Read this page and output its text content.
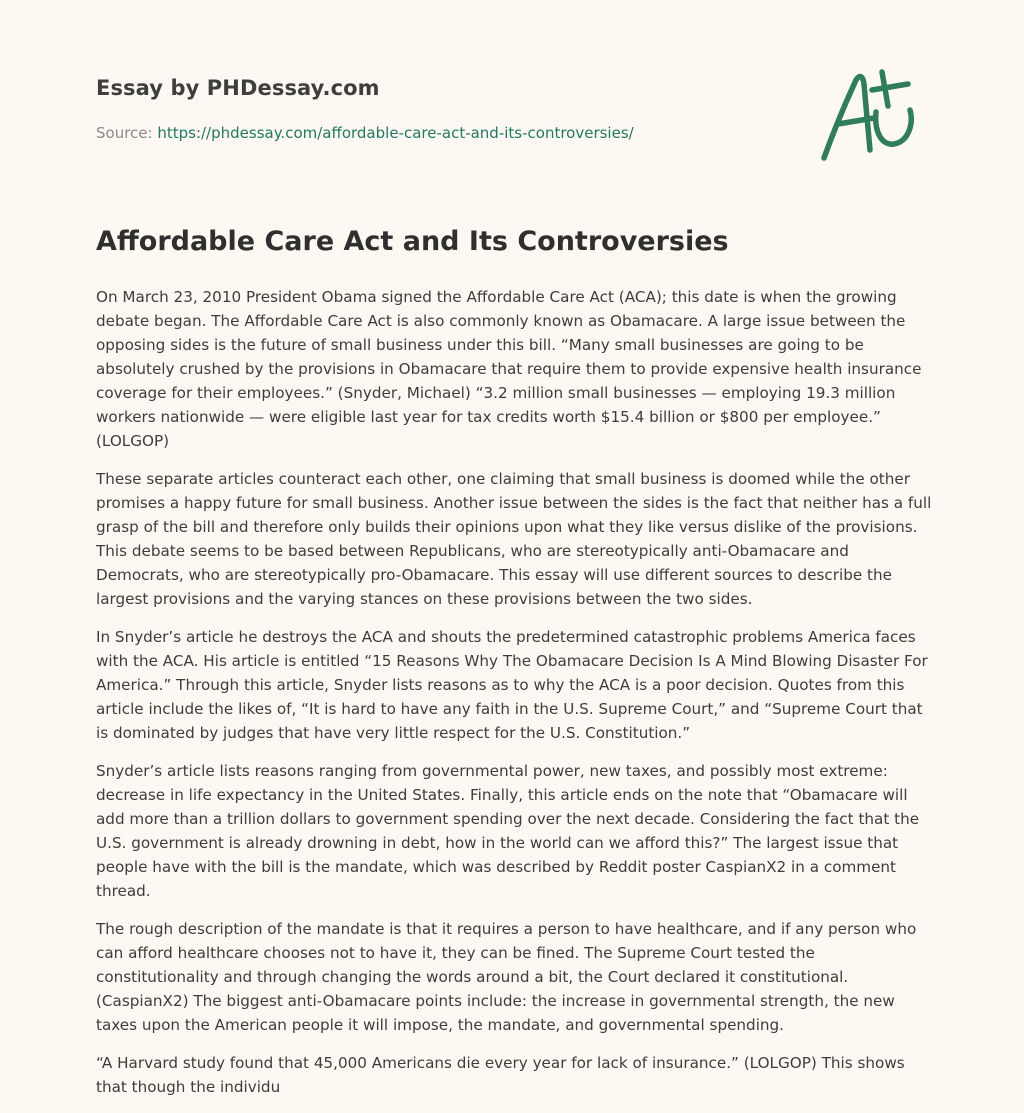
Essay by PHDessay.com

Source: https://phdessay.com/affordable-care-act-and-its-controversies/

Affordable Care Act and Its Controversies

On March 23, 2010 President Obama signed the Affordable Care Act (ACA); this date is when the growing debate began. The Affordable Care Act is also commonly known as Obamacare. A large issue between the opposing sides is the future of small business under this bill. “Many small businesses are going to be absolutely crushed by the provisions in Obamacare that require them to provide expensive health insurance coverage for their employees.” (Snyder, Michael) “3.2 million small businesses — employing 19.3 million workers nationwide — were eligible last year for tax credits worth $15.4 billion or $800 per employee.” (LOLGOP)

These separate articles counteract each other, one claiming that small business is doomed while the other promises a happy future for small business. Another issue between the sides is the fact that neither has a full grasp of the bill and therefore only builds their opinions upon what they like versus dislike of the provisions. This debate seems to be based between Republicans, who are stereotypically anti-Obamacare and Democrats, who are stereotypically pro-Obamacare. This essay will use different sources to describe the largest provisions and the varying stances on these provisions between the two sides.

In Snyder’s article he destroys the ACA and shouts the predetermined catastrophic problems America faces with the ACA. His article is entitled “15 Reasons Why The Obamacare Decision Is A Mind Blowing Disaster For America.” Through this article, Snyder lists reasons as to why the ACA is a poor decision. Quotes from this article include the likes of, “It is hard to have any faith in the U.S. Supreme Court,” and “Supreme Court that is dominated by judges that have very little respect for the U.S. Constitution.”

Snyder’s article lists reasons ranging from governmental power, new taxes, and possibly most extreme: decrease in life expectancy in the United States. Finally, this article ends on the note that “Obamacare will add more than a trillion dollars to government spending over the next decade. Considering the fact that the U.S. government is already drowning in debt, how in the world can we afford this?” The largest issue that people have with the bill is the mandate, which was described by Reddit poster CaspianX2 in a comment thread.

The rough description of the mandate is that it requires a person to have healthcare, and if any person who can afford healthcare chooses not to have it, they can be fined. The Supreme Court tested the constitutionality and through changing the words around a bit, the Court declared it constitutional. (CaspianX2) The biggest anti-Obamacare points include: the increase in governmental strength, the new taxes upon the American people it will impose, the mandate, and governmental spending.

“A Harvard study found that 45,000 Americans die every year for lack of insurance.” (LOLGOP) This shows that though the individu
